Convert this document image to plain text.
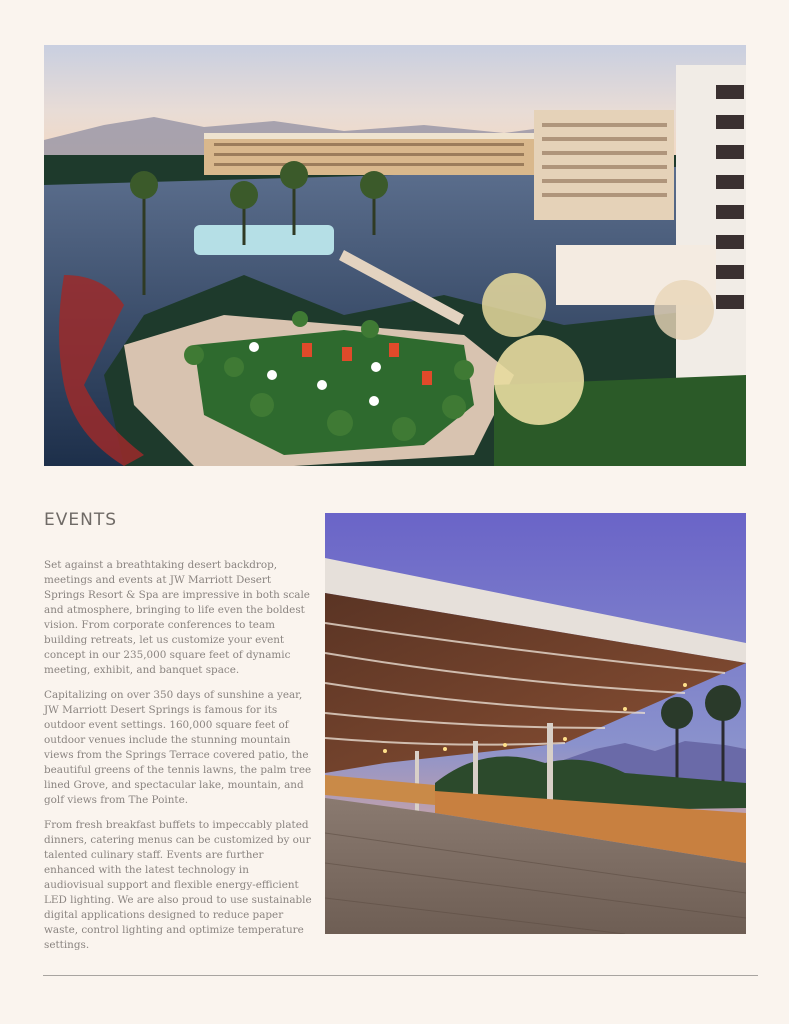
EVENTS

Set against a breathtaking desert backdrop, meetings and events at JW Marriott Desert Springs Resort & Spa are impressive in both scale and atmosphere, bringing to life even the boldest vision. From corporate conferences to team building retreats, let us customize your event concept in our 235,000 square feet of dynamic meeting, exhibit, and banquet space.

Capitalizing on over 350 days of sunshine a year, JW Marriott Desert Springs is famous for its outdoor event settings. 160,000 square feet of outdoor venues include the stunning mountain views from the Springs Terrace covered patio, the beautiful greens of the tennis lawns, the palm tree lined Grove, and spectacular lake, mountain, and golf views from The Pointe.

From fresh breakfast buffets to impeccably plated dinners, catering menus can be customized by our talented culinary staff. Events are further enhanced with the latest technology in audiovisual support and flexible energy-efficient LED lighting. We are also proud to use sustainable digital applications designed to reduce paper waste, control lighting and optimize temperature settings.
